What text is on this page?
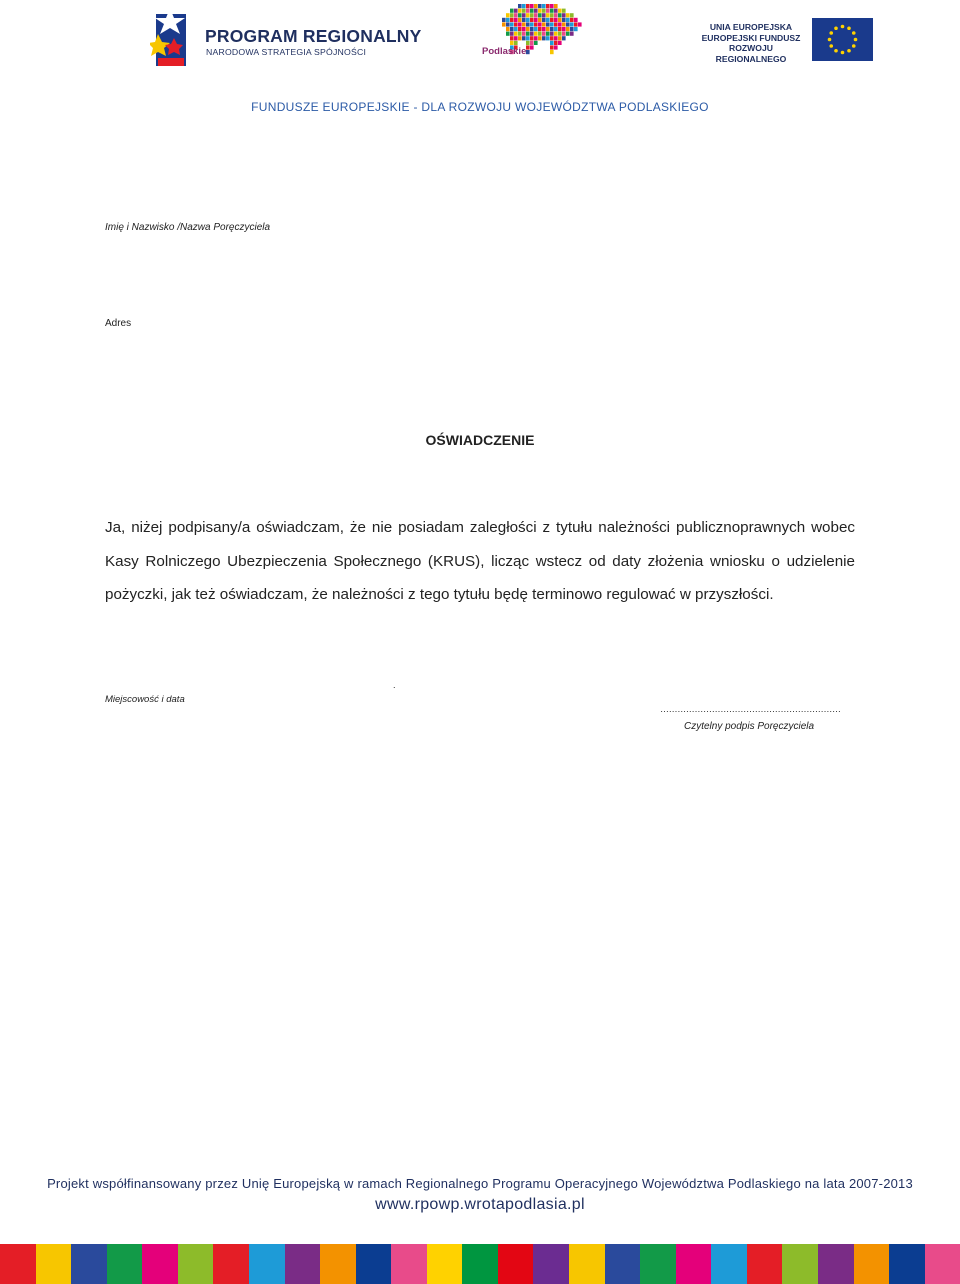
PROGRAM REGIONALNY
NARODOWA STRATEGIA SPÓJNOŚCI	Podlaskie
UNIA EUROPEJSKA
EUROPEJSKI FUNDUSZ
ROZWOJU REGIONALNEGO
FUNDUSZE EUROPEJSKIE - DLA ROZWOJU WOJEWÓDZTWA PODLASKIEGO
Imię i Nazwisko /Nazwa Poręczyciela
Adres
OŚWIADCZENIE
Ja, niżej podpisany/a oświadczam, że nie posiadam zaległości z tytułu należności publicznoprawnych wobec Kasy Rolniczego Ubezpieczenia Społecznego (KRUS), licząc wstecz od daty złożenia wniosku o udzielenie pożyczki, jak też oświadczam, że należności z tego tytułu będę terminowo regulować w przyszłości.
.
Miejscowość i data
………………………………………………………
Czytelny podpis Poręczyciela
Projekt współfinansowany przez Unię Europejską w ramach Regionalnego Programu Operacyjnego Województwa Podlaskiego na lata 2007-2013
www.rpowp.wrotapodlasia.pl
